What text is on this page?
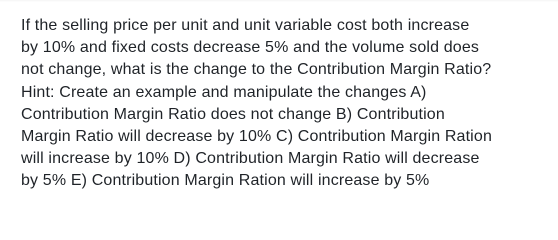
If the selling price per unit and unit variable cost both increase
by 10% and fixed costs decrease 5% and the volume sold does
not change, what is the change to the Contribution Margin Ratio?
Hint: Create an example and manipulate the changes A)
Contribution Margin Ratio does not change B) Contribution
Margin Ratio will decrease by 10% C) Contribution Margin Ration
will increase by 10% D) Contribution Margin Ratio will decrease
by 5% E) Contribution Margin Ration will increase by 5%
